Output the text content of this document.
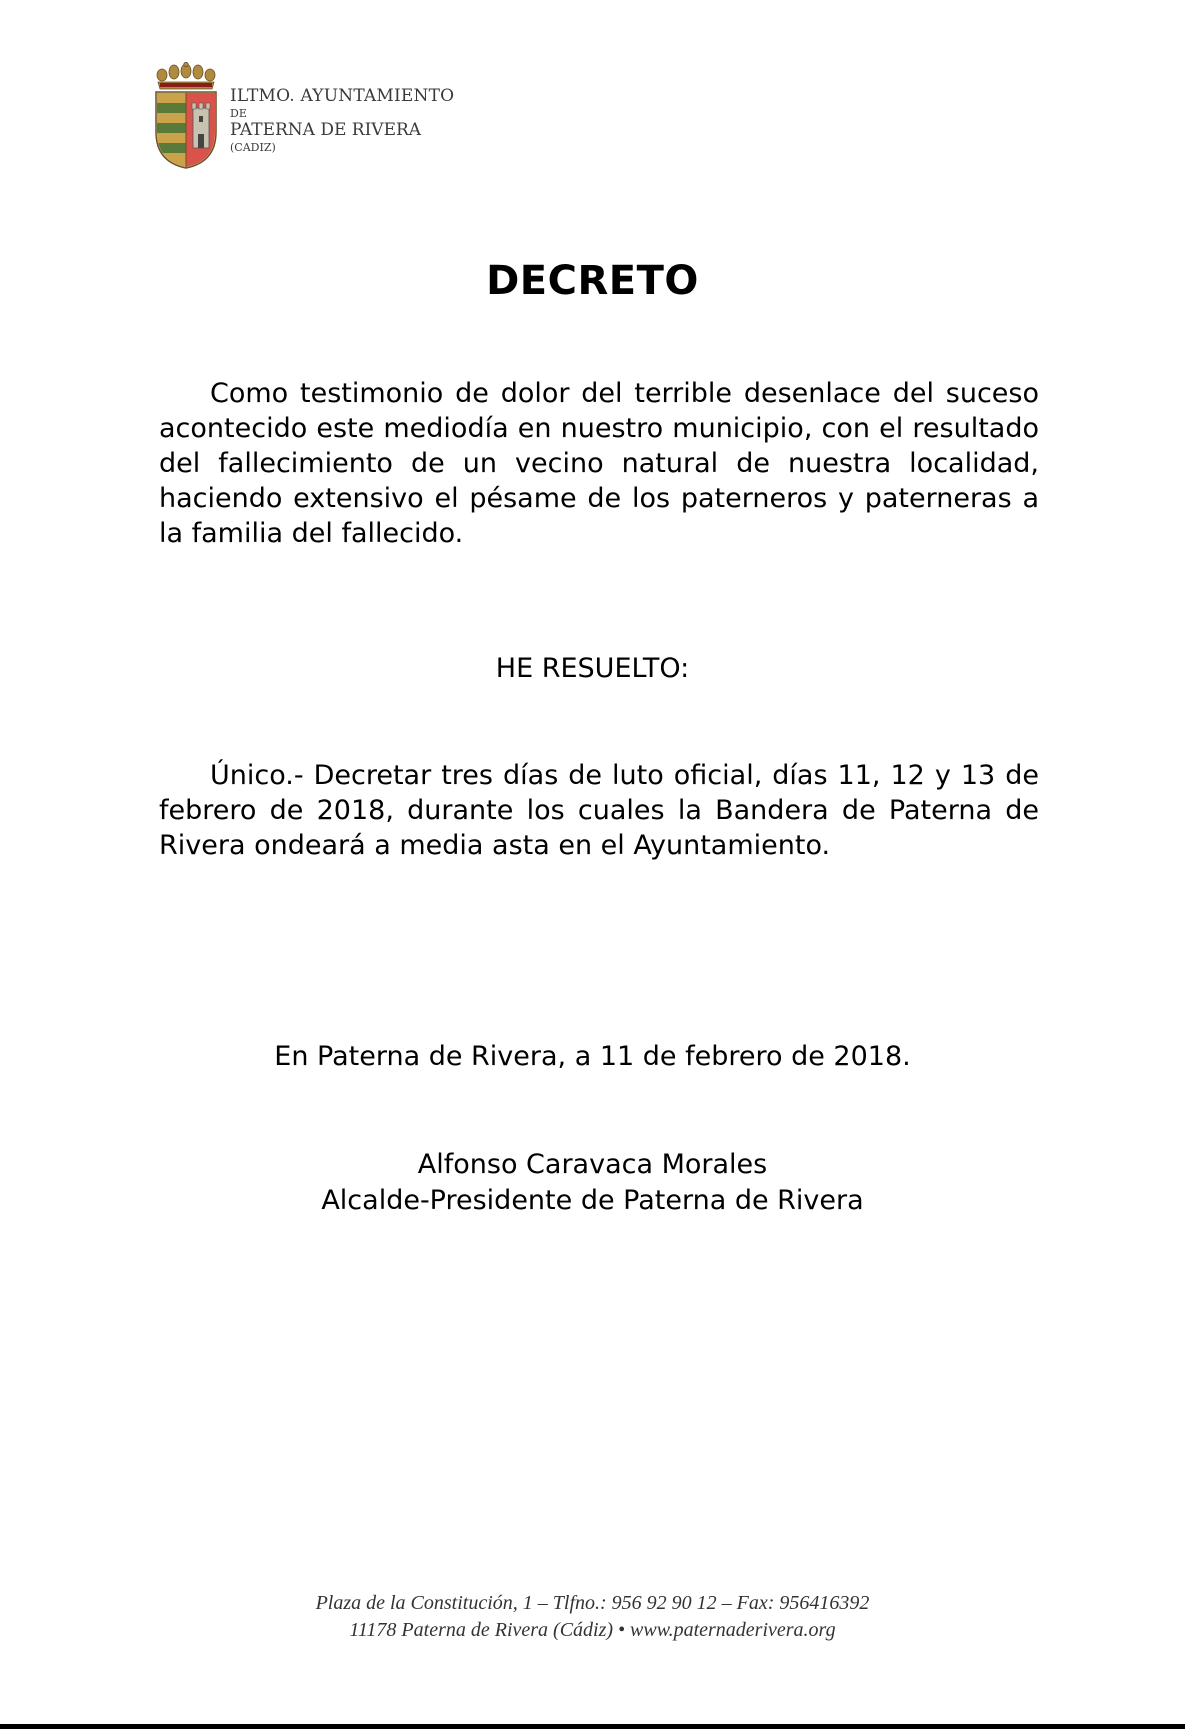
ILTMO. AYUNTAMIENTO
DE
PATERNA DE RIVERA
(CADIZ)
DECRETO

Como testimonio de dolor del terrible desenlace del suceso acontecido este mediodía en nuestro municipio, con el resultado del fallecimiento de un vecino natural de nuestra localidad, haciendo extensivo el pésame de los paterneros y paterneras a la familia del fallecido.

HE RESUELTO:

Único.- Decretar tres días de luto oficial, días 11, 12 y 13 de febrero de 2018, durante los cuales la Bandera de Paterna de Rivera ondeará a media asta en el Ayuntamiento.

En Paterna de Rivera, a 11 de febrero de 2018.
Alfonso Caravaca Morales
Alcalde-Presidente de Paterna de Rivera
Plaza de la Constitución, 1 – Tlfno.: 956 92 90 12 – Fax: 956416392
11178 Paterna de Rivera (Cádiz) • www.paternaderivera.org
